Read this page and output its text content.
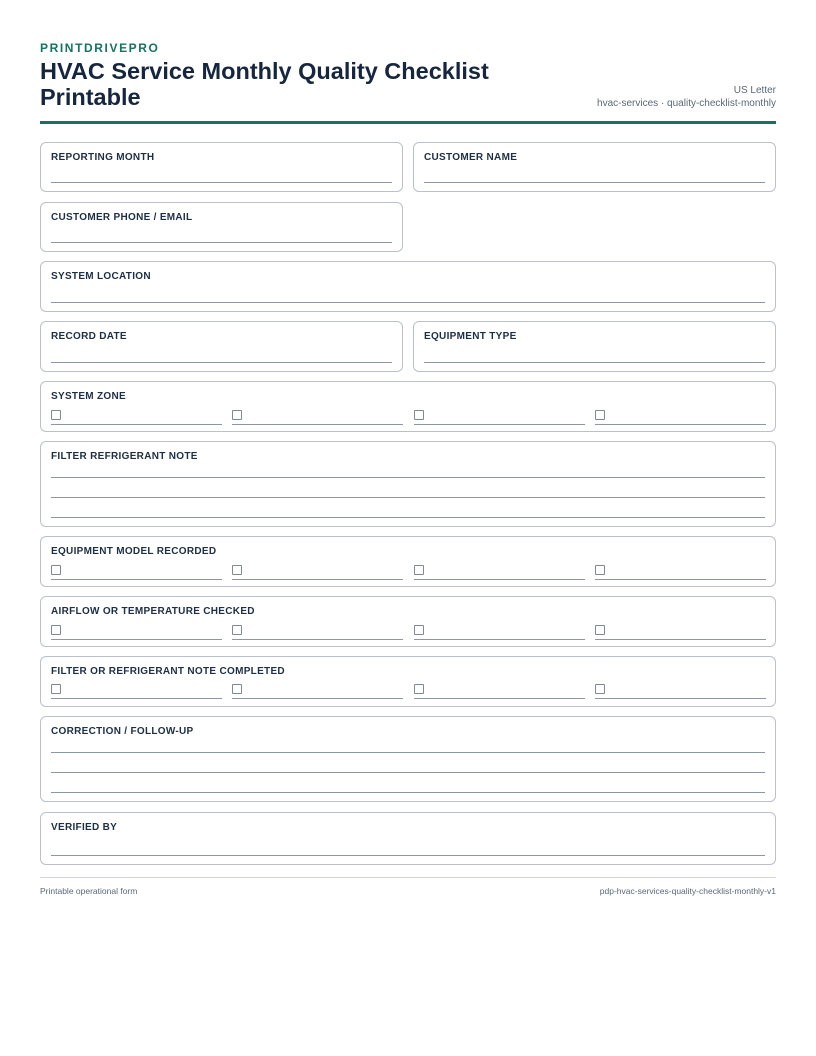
PRINTDRIVEPRO
HVAC Service Monthly Quality Checklist Printable	US Letter
hvac-services · quality-checklist-monthly
REPORTING MONTH	CUSTOMER NAME
CUSTOMER PHONE / EMAIL
SYSTEM LOCATION
RECORD DATE	EQUIPMENT TYPE
SYSTEM ZONE
FILTER REFRIGERANT NOTE
EQUIPMENT MODEL RECORDED
AIRFLOW OR TEMPERATURE CHECKED
FILTER OR REFRIGERANT NOTE COMPLETED
CORRECTION / FOLLOW-UP
VERIFIED BY
Printable operational form	pdp-hvac-services-quality-checklist-monthly-v1
